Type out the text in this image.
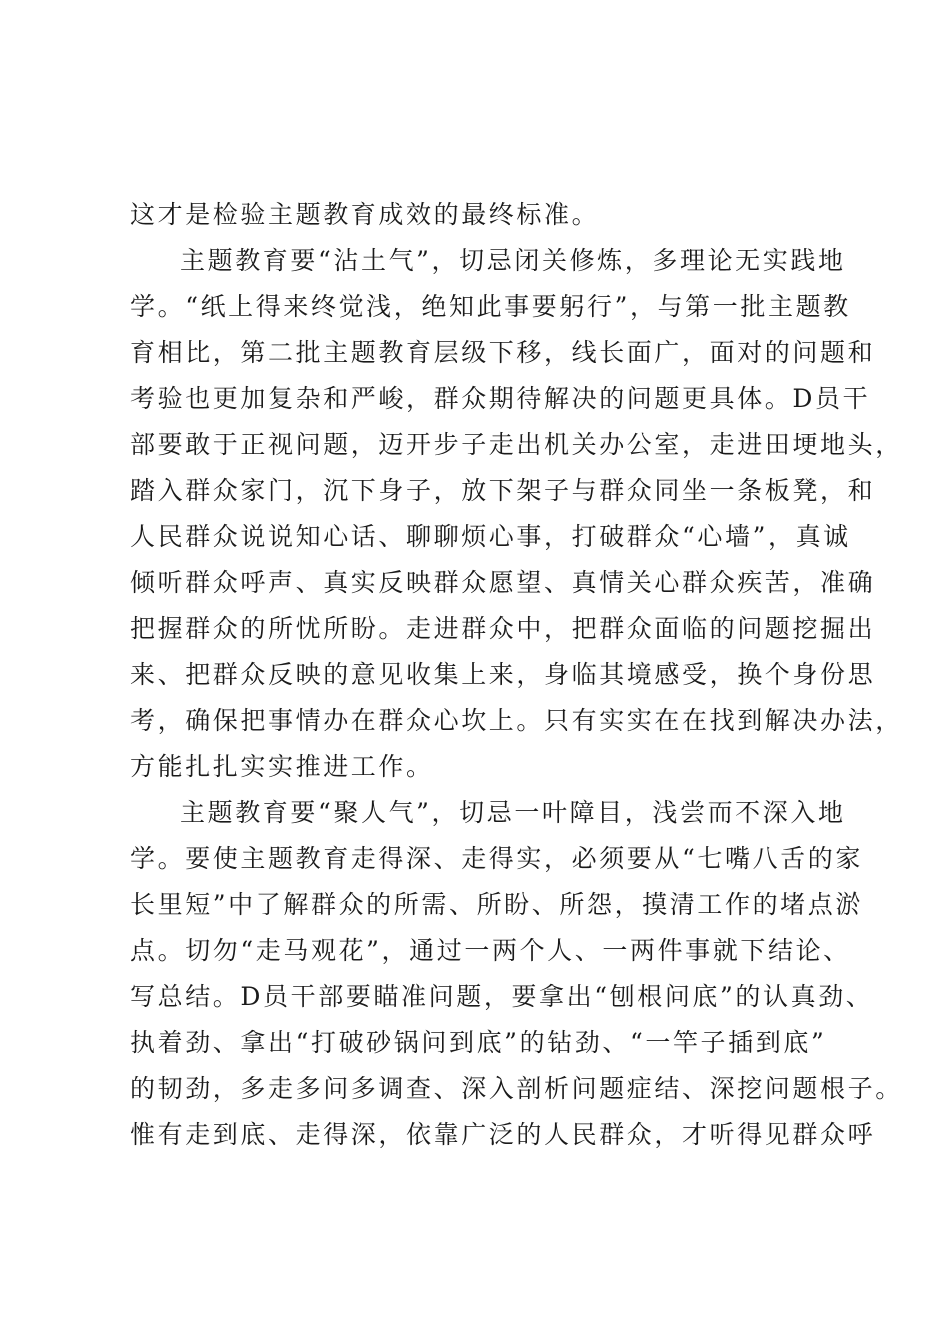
这才是检验主题教育成效的最终标准。
主题教育要“沾土气”，切忌闭关修炼，多理论无实践地
学。“纸上得来终觉浅，绝知此事要躬行”，与第一批主题教
育相比，第二批主题教育层级下移，线长面广，面对的问题和
考验也更加复杂和严峻，群众期待解决的问题更具体。D员干
部要敢于正视问题，迈开步子走出机关办公室，走进田埂地头，
踏入群众家门，沉下身子，放下架子与群众同坐一条板凳，和
人民群众说说知心话、聊聊烦心事，打破群众“心墙”，真诚
倾听群众呼声、真实反映群众愿望、真情关心群众疾苦，准确
把握群众的所忧所盼。走进群众中，把群众面临的问题挖掘出
来、把群众反映的意见收集上来，身临其境感受，换个身份思
考，确保把事情办在群众心坎上。只有实实在在找到解决办法，
方能扎扎实实推进工作。
主题教育要“聚人气”，切忌一叶障目，浅尝而不深入地
学。要使主题教育走得深、走得实，必须要从“七嘴八舌的家
长里短”中了解群众的所需、所盼、所怨，摸清工作的堵点淤
点。切勿“走马观花”，通过一两个人、一两件事就下结论、
写总结。D员干部要瞄准问题，要拿出“刨根问底”的认真劲、
执着劲、拿出“打破砂锅问到底”的钻劲、“一竿子插到底”
的韧劲，多走多问多调查、深入剖析问题症结、深挖问题根子。
惟有走到底、走得深，依靠广泛的人民群众，才听得见群众呼
